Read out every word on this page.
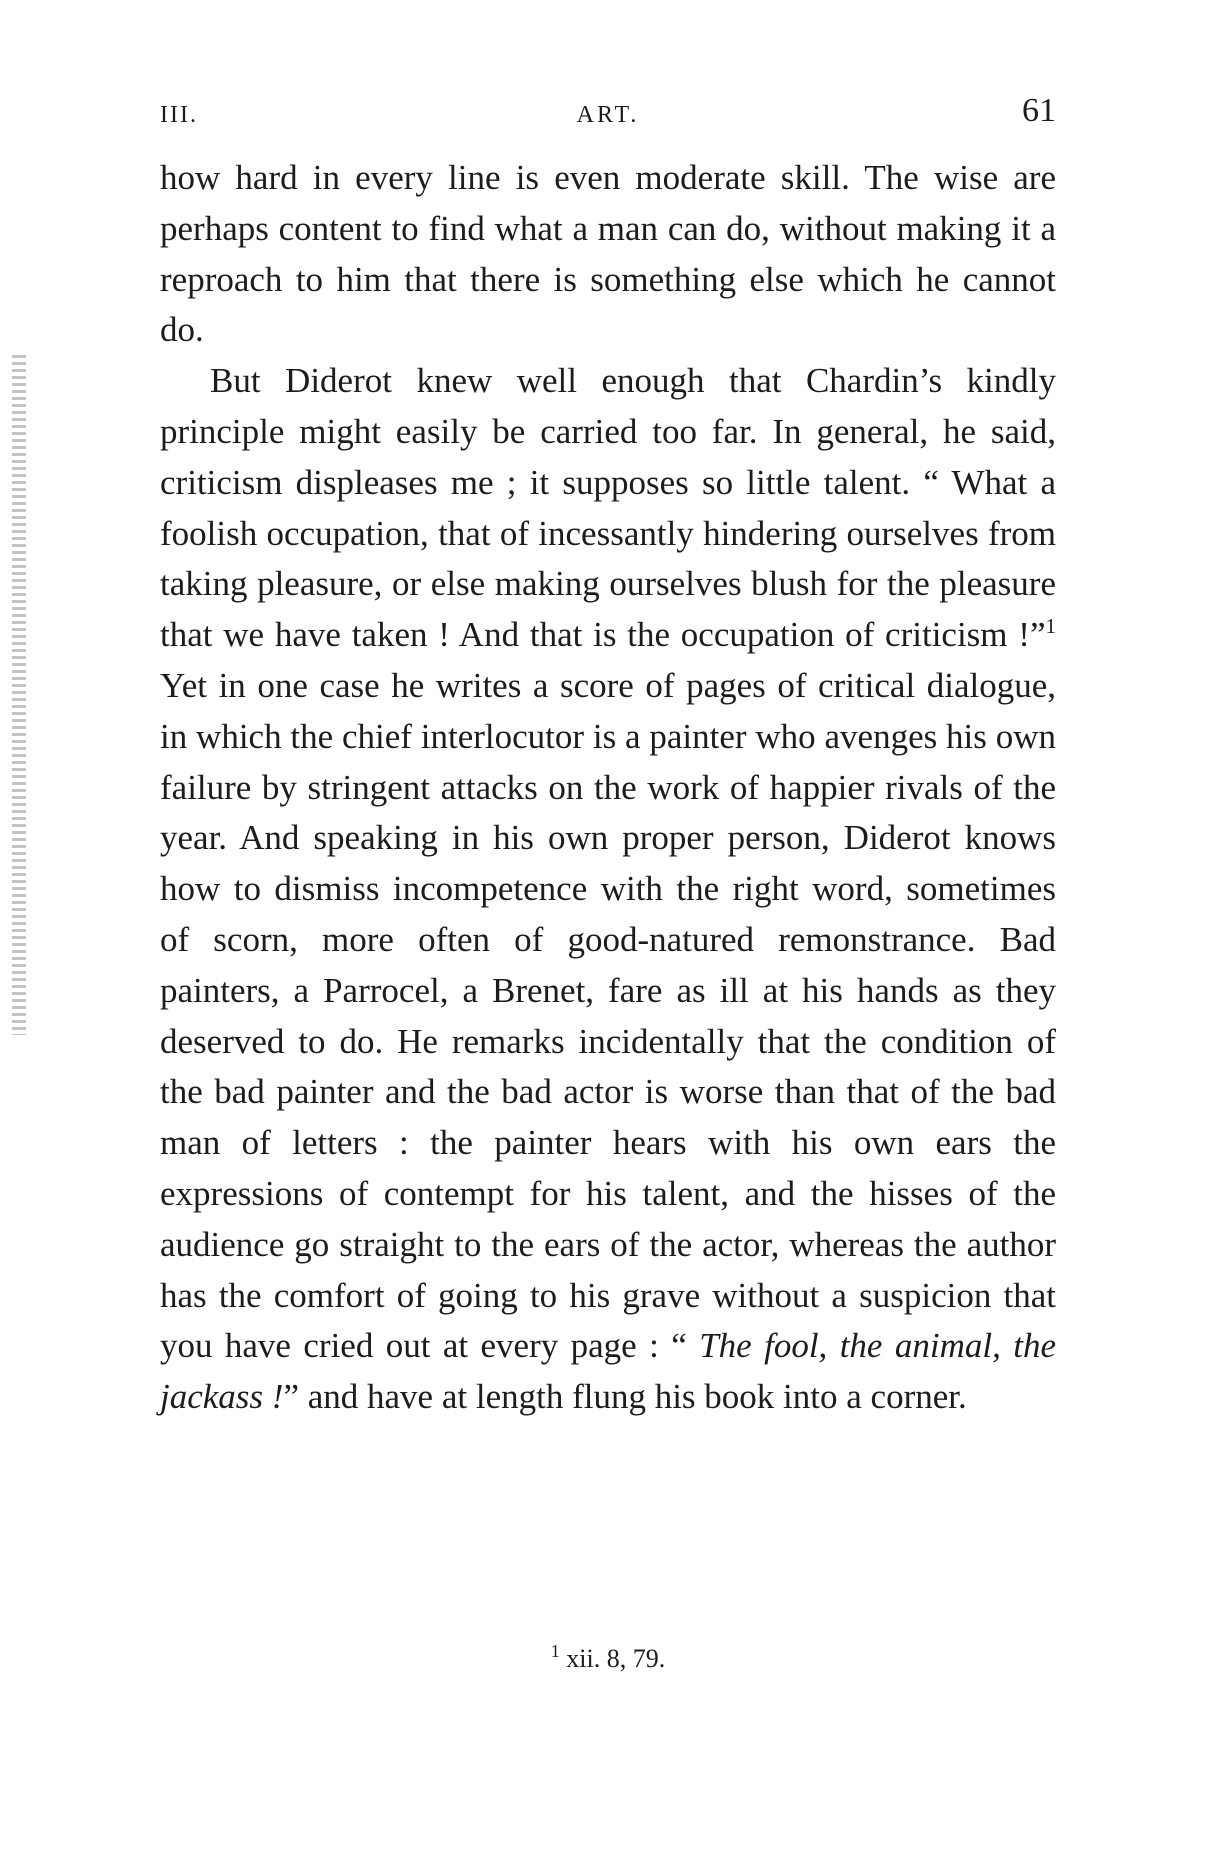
III.	ART.	61

how hard in every line is even moderate skill. The wise are perhaps content to find what a man can do, without making it a reproach to him that there is something else which he cannot do.

But Diderot knew well enough that Chardin’s kindly principle might easily be carried too far. In general, he said, criticism displeases me ; it supposes so little talent. “ What a foolish occupation, that of incessantly hindering ourselves from taking pleasure, or else making ourselves blush for the pleasure that we have taken ! And that is the occupation of criticism !”$^1$ Yet in one case he writes a score of pages of critical dialogue, in which the chief interlocutor is a painter who avenges his own failure by stringent attacks on the work of happier rivals of the year. And speaking in his own proper person, Diderot knows how to dismiss incompetence with the right word, sometimes of scorn, more often of good-natured remonstrance. Bad painters, a Parrocel, a Brenet, fare as ill at his hands as they deserved to do. He remarks incidentally that the condition of the bad painter and the bad actor is worse than that of the bad man of letters : the painter hears with his own ears the expressions of contempt for his talent, and the hisses of the audience go straight to the ears of the actor, whereas the author has the comfort of going to his grave without a suspicion that you have cried out at every page : “ The fool, the animal, the jackass !” and have at length flung his book into a corner.

$^1$ xii. 8, 79.
